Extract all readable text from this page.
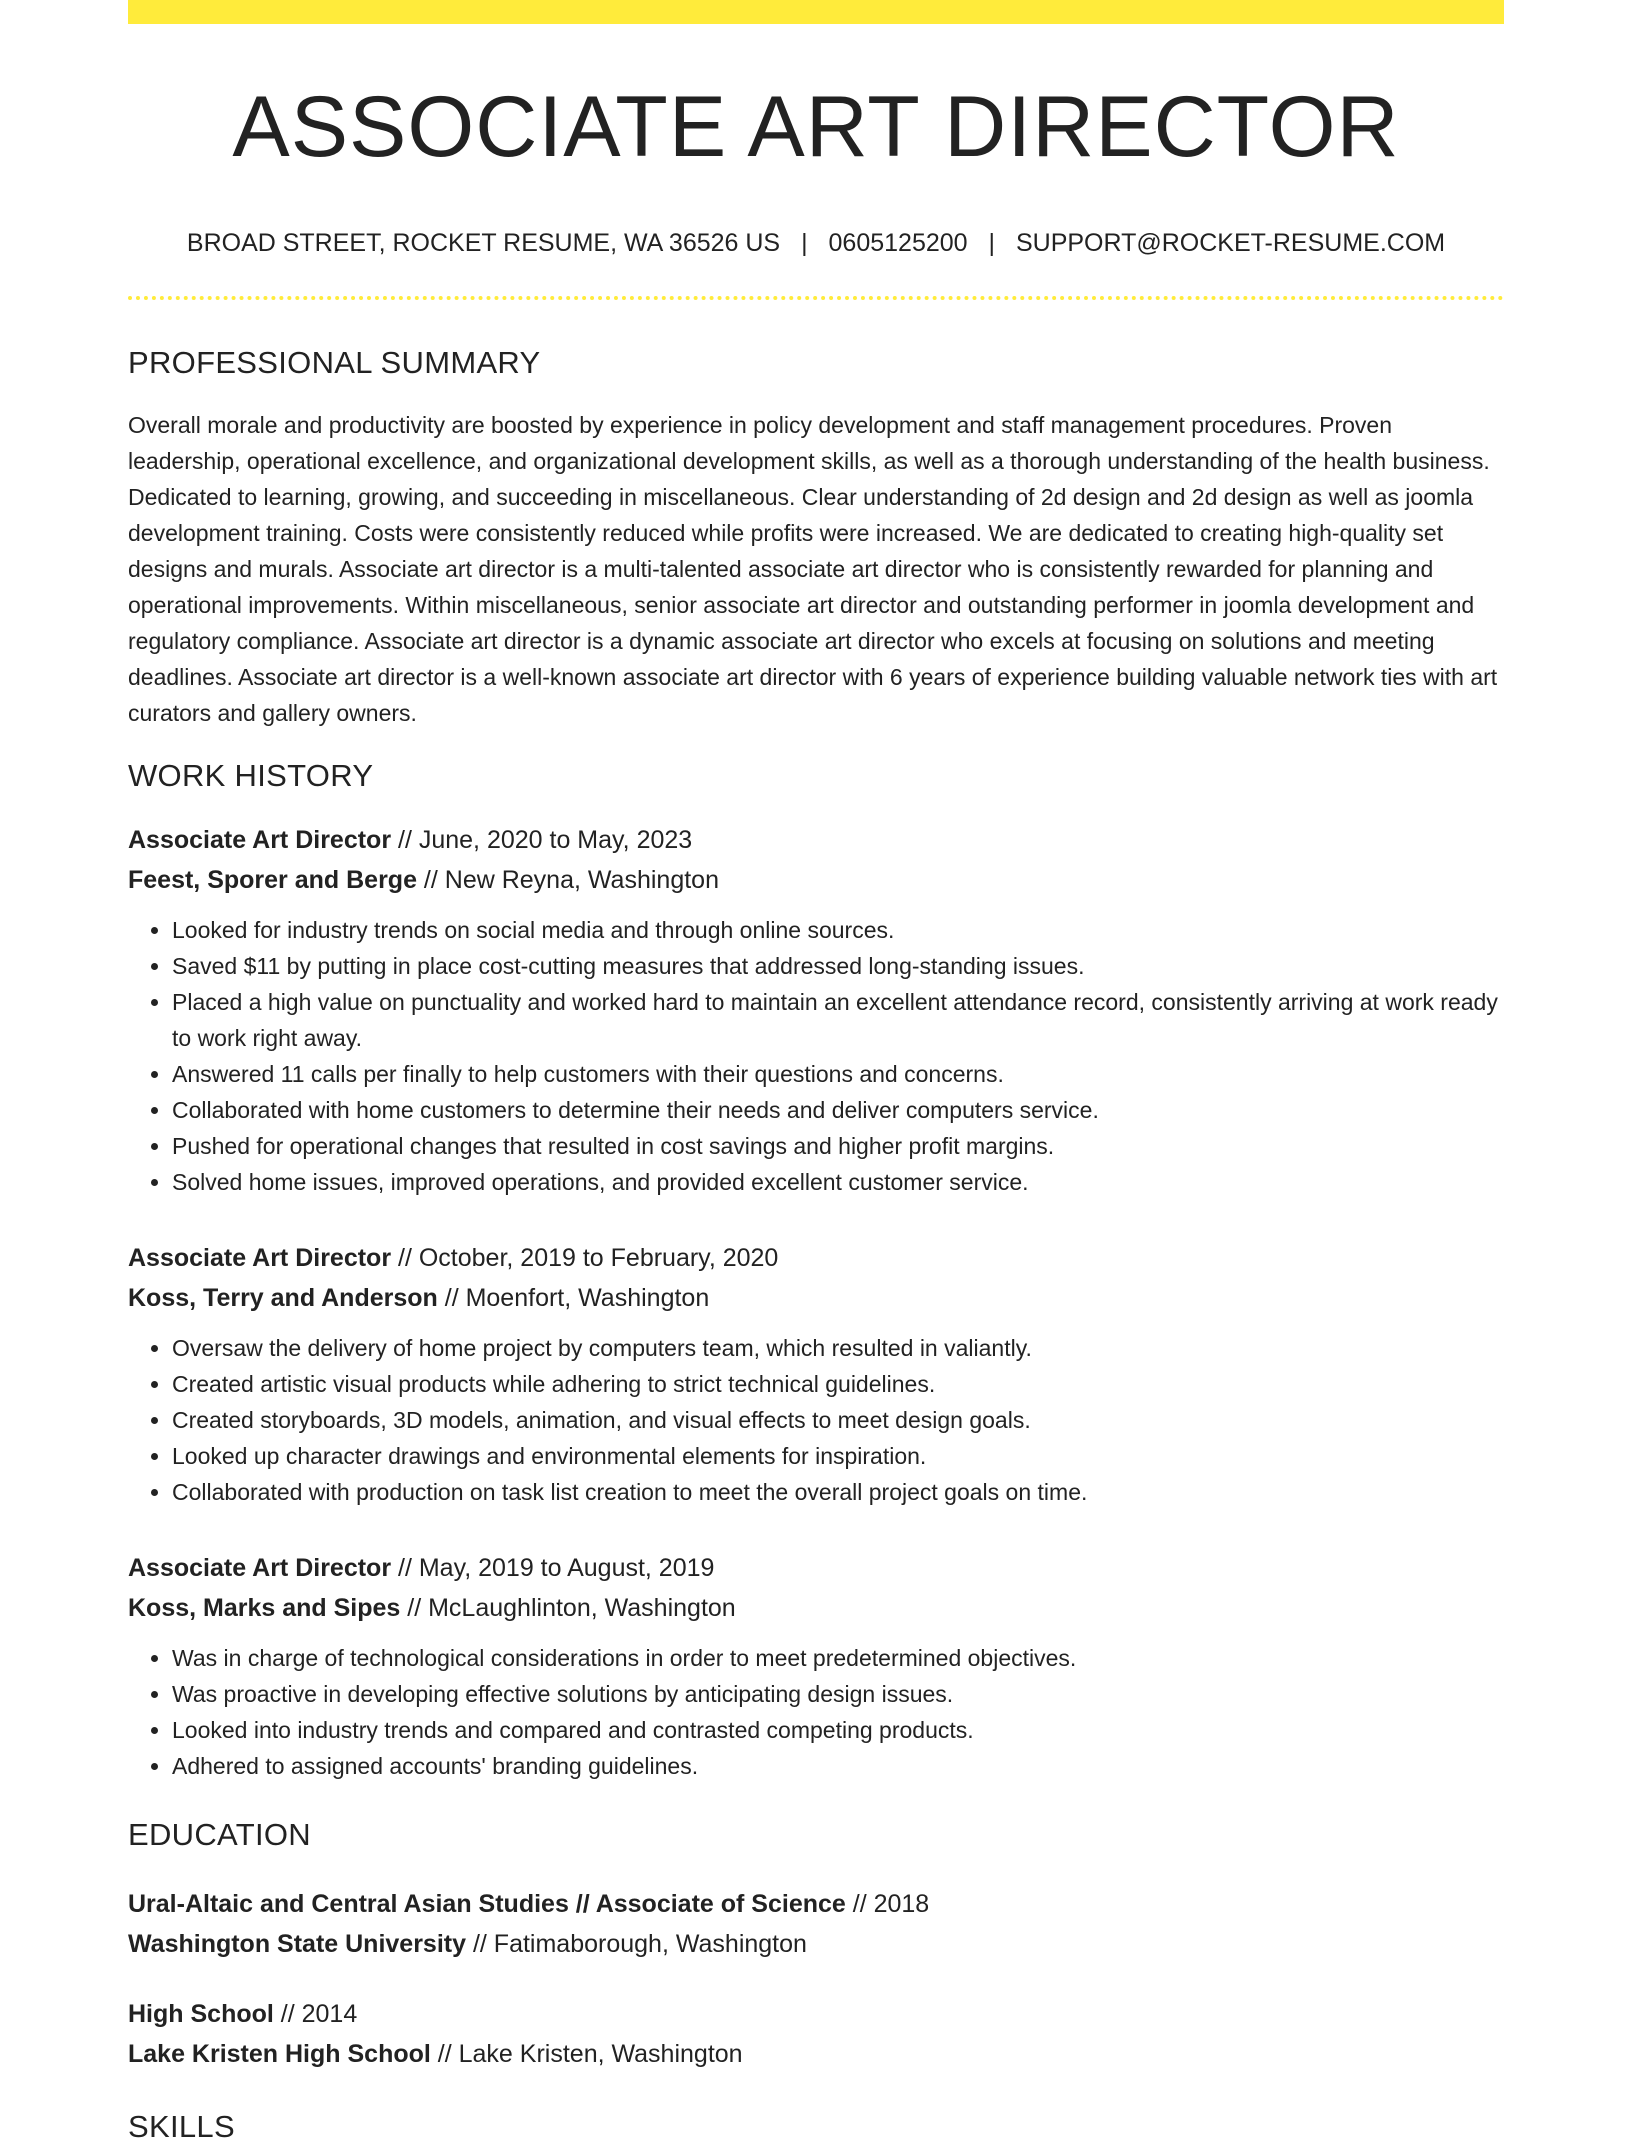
ASSOCIATE ART DIRECTOR
BROAD STREET, ROCKET RESUME, WA 36526 US | 0605125200 | SUPPORT@ROCKET-RESUME.COM
PROFESSIONAL SUMMARY
Overall morale and productivity are boosted by experience in policy development and staff management procedures. Proven leadership, operational excellence, and organizational development skills, as well as a thorough understanding of the health business. Dedicated to learning, growing, and succeeding in miscellaneous. Clear understanding of 2d design and 2d design as well as joomla development training. Costs were consistently reduced while profits were increased. We are dedicated to creating high-quality set designs and murals. Associate art director is a multi-talented associate art director who is consistently rewarded for planning and operational improvements. Within miscellaneous, senior associate art director and outstanding performer in joomla development and regulatory compliance. Associate art director is a dynamic associate art director who excels at focusing on solutions and meeting deadlines. Associate art director is a well-known associate art director with 6 years of experience building valuable network ties with art curators and gallery owners.
WORK HISTORY
Associate Art Director // June, 2020 to May, 2023
Feest, Sporer and Berge // New Reyna, Washington
• Looked for industry trends on social media and through online sources.
• Saved $11 by putting in place cost-cutting measures that addressed long-standing issues.
• Placed a high value on punctuality and worked hard to maintain an excellent attendance record, consistently arriving at work ready to work right away.
• Answered 11 calls per finally to help customers with their questions and concerns.
• Collaborated with home customers to determine their needs and deliver computers service.
• Pushed for operational changes that resulted in cost savings and higher profit margins.
• Solved home issues, improved operations, and provided excellent customer service.
Associate Art Director // October, 2019 to February, 2020
Koss, Terry and Anderson // Moenfort, Washington
• Oversaw the delivery of home project by computers team, which resulted in valiantly.
• Created artistic visual products while adhering to strict technical guidelines.
• Created storyboards, 3D models, animation, and visual effects to meet design goals.
• Looked up character drawings and environmental elements for inspiration.
• Collaborated with production on task list creation to meet the overall project goals on time.
Associate Art Director // May, 2019 to August, 2019
Koss, Marks and Sipes // McLaughlinton, Washington
• Was in charge of technological considerations in order to meet predetermined objectives.
• Was proactive in developing effective solutions by anticipating design issues.
• Looked into industry trends and compared and contrasted competing products.
• Adhered to assigned accounts' branding guidelines.
EDUCATION
Ural-Altaic and Central Asian Studies // Associate of Science // 2018
Washington State University // Fatimaborough, Washington
High School // 2014
Lake Kristen High School // Lake Kristen, Washington
SKILLS
